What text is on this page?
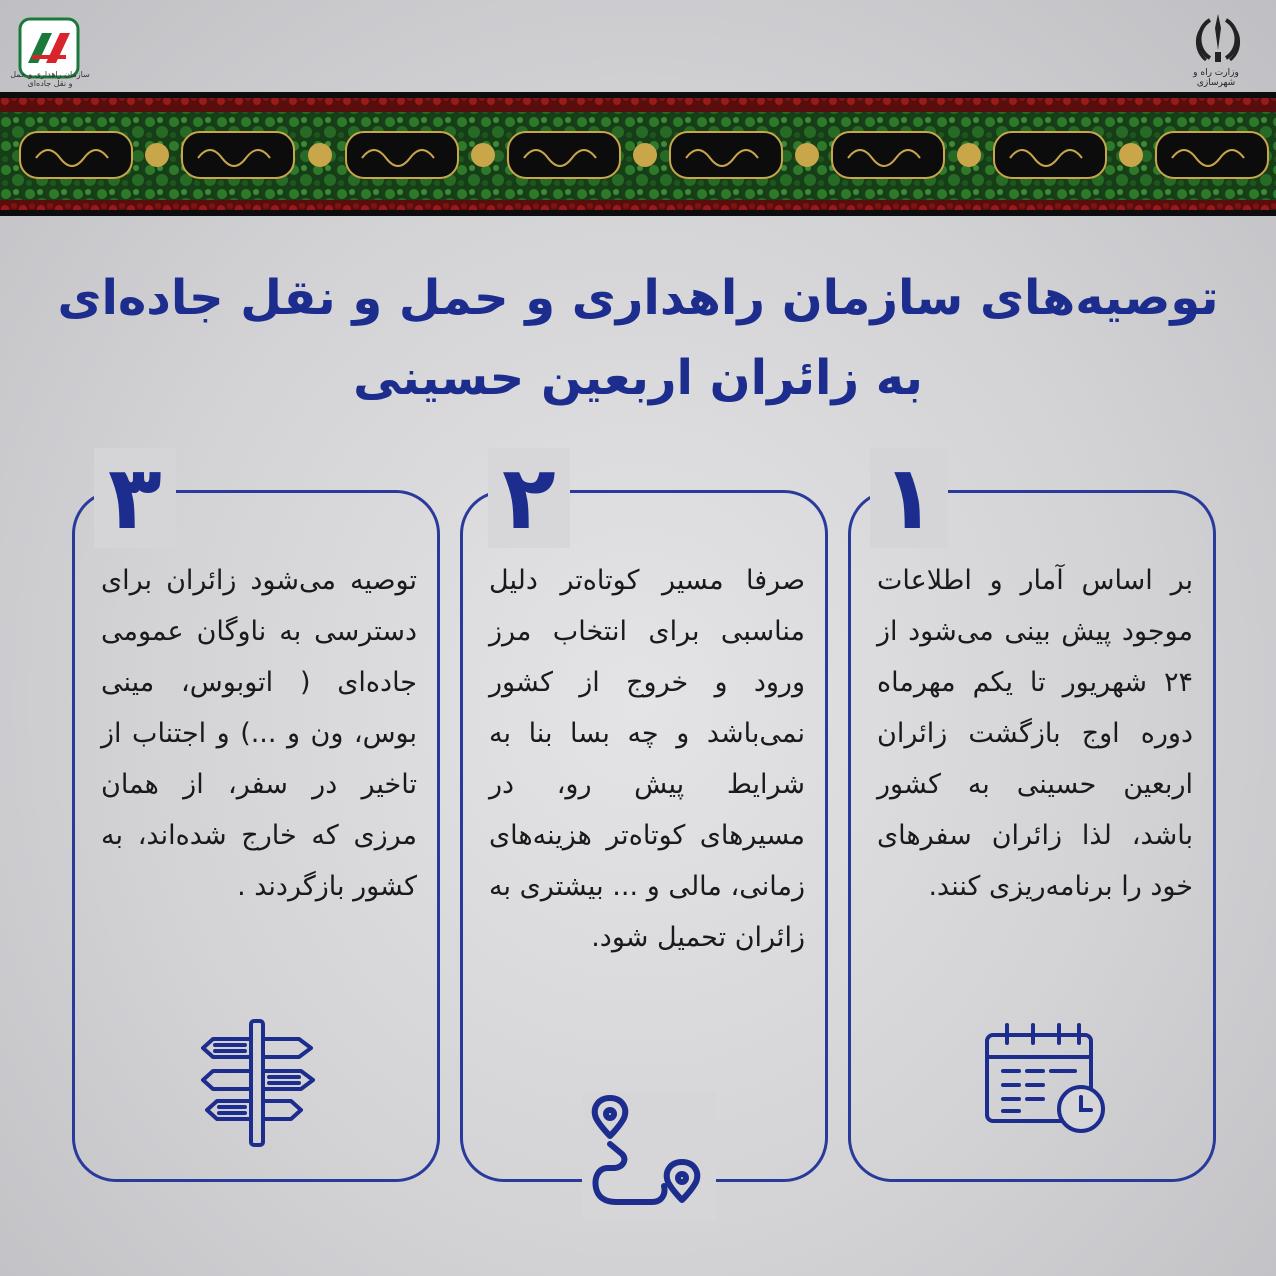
سازمان راهداری و حمل و نقل جاده‌ای
وزارت راه و شهرسازی
توصیه‌های سازمان راهداری و حمل و نقل جاده‌ای
به زائران اربعین حسینی
بر اساس آمار و اطلاعات موجود پیش بینی می‌شود از ۲۴ شهریور تا یکم مهرماه دوره اوج بازگشت زائران اربعین حسینی به کشور باشد، لذا زائران سفرهای خود را برنامه‌ریزی کنند.
۱
صرفا مسیر کوتاه‌تر دلیل مناسبی برای انتخاب مرز ورود و خروج از کشور نمی‌باشد و چه بسا بنا به شرایط پیش رو، در مسیرهای کوتاه‌تر هزینه‌های زمانی، مالی و ... بیشتری به زائران تحمیل شود.
۲
توصیه می‌شود زائران برای دسترسی به ناوگان عمومی جاده‌ای ( اتوبوس، مینی بوس، ون و ...) و اجتناب از تاخیر در سفر، از همان مرزی که خارج شده‌اند، به کشور بازگردند .
۳
